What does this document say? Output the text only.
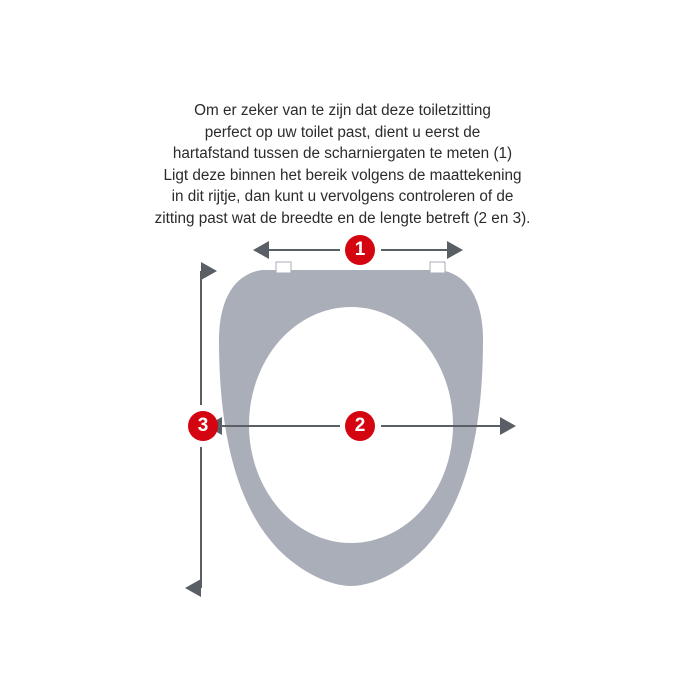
Om er zeker van te zijn dat deze toiletzitting

perfect op uw toilet past, dient u eerst de

hartafstand tussen de scharniergaten te meten (1)

Ligt deze binnen het bereik volgens de maattekening

in dit rijtje, dan kunt u vervolgens controleren of de

zitting past wat de breedte en de lengte betreft (2 en 3).

1
2
3
